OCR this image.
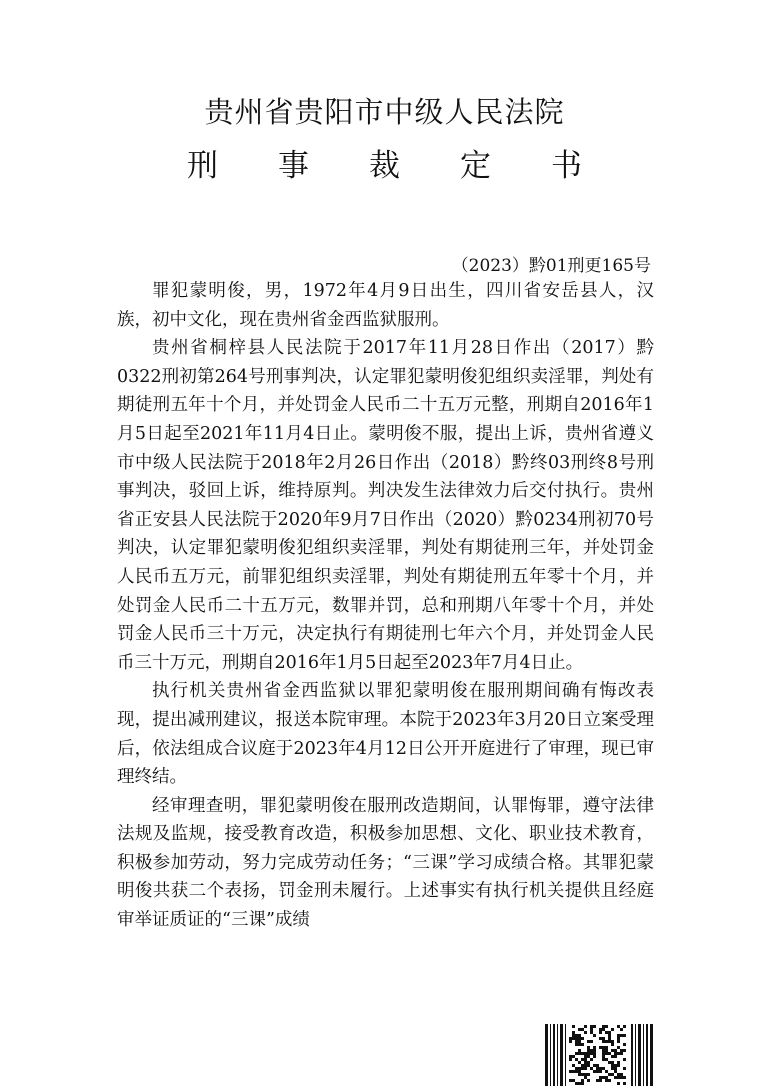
贵州省贵阳市中级人民法院
刑 事 裁 定 书
（2023）黔01刑更165号

罪犯蒙明俊，男，1972年4月9日出生，四川省安岳县人，汉族，初中文化，现在贵州省金西监狱服刑。

贵州省桐梓县人民法院于2017年11月28日作出（2017）黔0322刑初第264号刑事判决，认定罪犯蒙明俊犯组织卖淫罪，判处有期徒刑五年十个月，并处罚金人民币二十五万元整，刑期自2016年1月5日起至2021年11月4日止。蒙明俊不服，提出上诉，贵州省遵义市中级人民法院于2018年2月26日作出（2018）黔终03刑终8号刑事判决，驳回上诉，维持原判。判决发生法律效力后交付执行。贵州省正安县人民法院于2020年9月7日作出（2020）黔0234刑初70号判决，认定罪犯蒙明俊犯组织卖淫罪，判处有期徒刑三年，并处罚金人民币五万元，前罪犯组织卖淫罪，判处有期徒刑五年零十个月，并处罚金人民币二十五万元，数罪并罚，总和刑期八年零十个月，并处罚金人民币三十万元，决定执行有期徒刑七年六个月，并处罚金人民币三十万元，刑期自2016年1月5日起至2023年7月4日止。

执行机关贵州省金西监狱以罪犯蒙明俊在服刑期间确有悔改表现，提出减刑建议，报送本院审理。本院于2023年3月20日立案受理后，依法组成合议庭于2023年4月12日公开开庭进行了审理，现已审理终结。

经审理查明，罪犯蒙明俊在服刑改造期间，认罪悔罪，遵守法律法规及监规，接受教育改造，积极参加思想、文化、职业技术教育，积极参加劳动，努力完成劳动任务；“三课”学习成绩合格。其罪犯蒙明俊共获二个表扬，罚金刑未履行。上述事实有执行机关提供且经庭审举证质证的“三课”成绩
